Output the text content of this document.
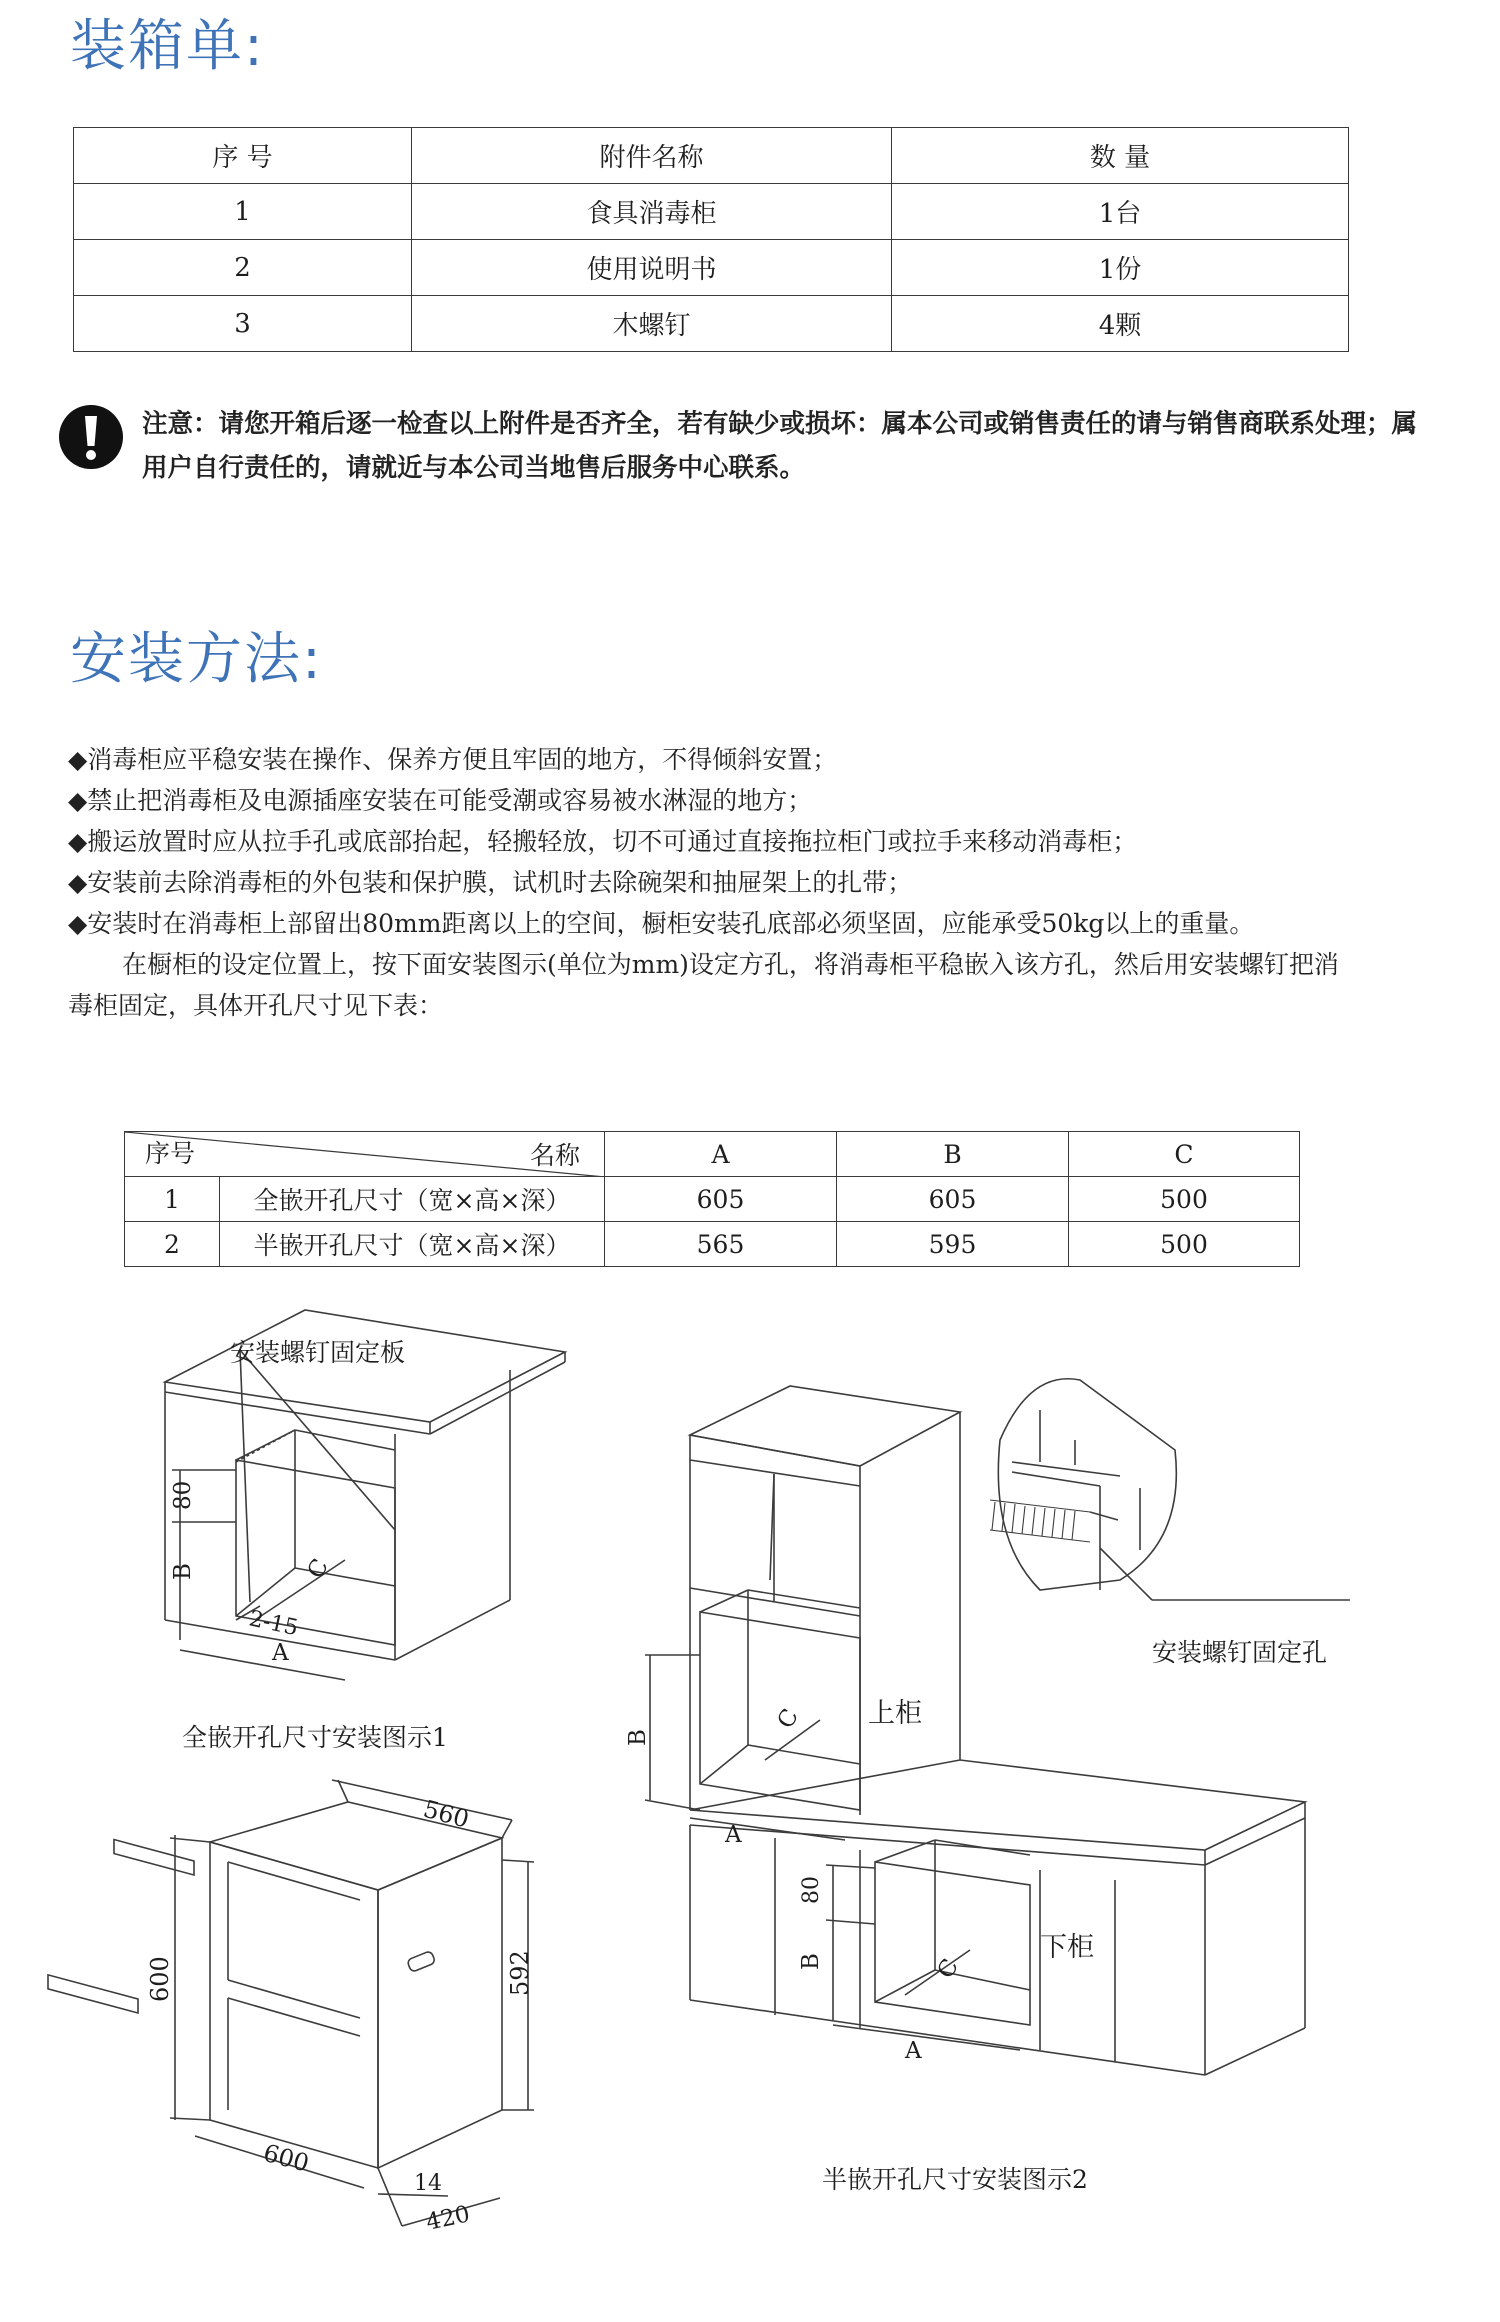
装箱单:
序 号	附件名称	数 量
1	食具消毒柜	1台
2	使用说明书	1份
3	木螺钉	4颗
注意：请您开箱后逐一检查以上附件是否齐全，若有缺少或损坏：属本公司或销售责任的请与销售商联系处理；属用户自行责任的，请就近与本公司当地售后服务中心联系。
安装方法:

◆消毒柜应平稳安装在操作、保养方便且牢固的地方，不得倾斜安置；

◆禁止把消毒柜及电源插座安装在可能受潮或容易被水淋湿的地方；

◆搬运放置时应从拉手孔或底部抬起，轻搬轻放，切不可通过直接拖拉柜门或拉手来移动消毒柜；

◆安装前去除消毒柜的外包装和保护膜，试机时去除碗架和抽屉架上的扎带；

◆安装时在消毒柜上部留出80mm距离以上的空间，橱柜安装孔底部必须坚固，应能承受50kg以上的重量。

在橱柜的设定位置上，按下面安装图示(单位为mm)设定方孔，将消毒柜平稳嵌入该方孔，然后用安装螺钉把消毒柜固定，具体开孔尺寸见下表：

序号 名称		A	B	C
1	全嵌开孔尺寸（宽×高×深）	605	605	500
2	半嵌开孔尺寸（宽×高×深）	565	595	500
安装螺钉固定板
80
B	C
2-15
A
全嵌开孔尺寸安装图示1
560
600	592
600
14
420
B
C
A
上柜
80
B	C
A
下柜
安装螺钉固定孔
半嵌开孔尺寸安装图示2
